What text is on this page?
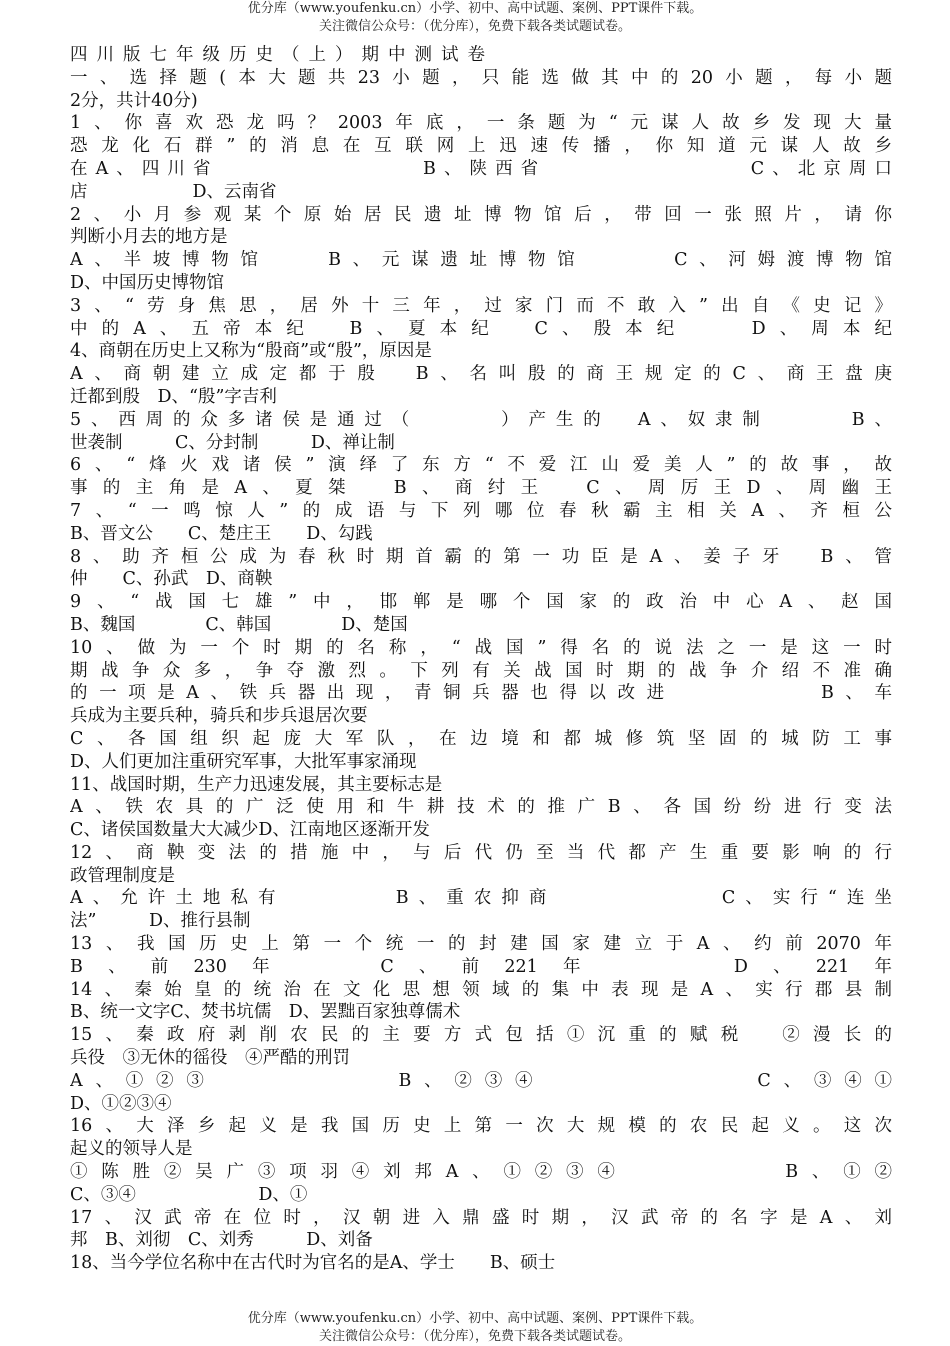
优分库（www.youfenku.cn）小学、初中、高中试题、案例、PPT课件下载。
关注微信公众号：（优分库），免费下载各类试题试卷。
四川版七年级历史（上）期中测试卷
一、选择题(本大题共23小题，只能选做其中的20小题，每小题
2分，共计40分)
1、你喜欢恐龙吗？2003年底，一条题为“元谋人故乡发现大量
恐龙化石群”的消息在互联网上迅速传播，你知道元谋人故乡
在A、四川省　　　　　　　　B、陕西省　　　　　　　　C、北京周口
店　　　　　　D、云南省
2、小月参观某个原始居民遗址博物馆后，带回一张照片，请你
判断小月去的地方是
A、半坡博物馆　　B、元谋遗址博物馆　　　C、河姆渡博物馆
D、中国历史博物馆
3、“劳身焦思，居外十三年，过家门而不敢入”出自《史记》
中的A、五帝本纪　B、夏本纪　C、殷本纪　　D、周本纪
4、商朝在历史上又称为“殷商”或“殷”，原因是
A、商朝建立成定都于殷　B、名叫殷的商王规定的C、商王盘庚
迁都到殷　D、“殷”字吉利
5、西周的众多诸侯是通过（　　　）产生的　A、奴隶制　　　B、
世袭制　　　C、分封制　　　D、禅让制
6、“烽火戏诸侯”演绎了东方“不爱江山爱美人”的故事，故
事的主角是A、夏桀　B、商纣王　C、周厉王D、周幽王
7、“一鸣惊人”的成语与下列哪位春秋霸主相关A、齐桓公
B、晋文公　　C、楚庄王　　D、勾践
8、助齐桓公成为春秋时期首霸的第一功臣是A、姜子牙　B、管
仲　　C、孙武　D、商鞅
9、“战国七雄”中，邯郸是哪个国家的政治中心A、赵国
B、魏国　　　　C、韩国　　　　D、楚国
10、做为一个时期的名称，“战国”得名的说法之一是这一时
期战争众多，争夺激烈。下列有关战国时期的战争介绍不准确
的一项是A、铁兵器出现，青铜兵器也得以改进　　　　　B、车
兵成为主要兵种，骑兵和步兵退居次要
C、各国组织起庞大军队，在边境和都城修筑坚固的城防工事
D、人们更加注重研究军事，大批军事家涌现
11、战国时期，生产力迅速发展，其主要标志是
A、铁农具的广泛使用和牛耕技术的推广B、各国纷纷进行变法
C、诸侯国数量大大减少D、江南地区逐渐开发
12、商鞅变法的措施中，与后代仍至当代都产生重要影响的行
政管理制度是
A、允许土地私有　　　　B、重农抑商　　　　　　C、实行“连坐
法”　　　D、推行县制
13、我国历史上第一个统一的封建国家建立于A、约前2070年
B、前230年　　C、前221年　　　D、221年
14、秦始皇的统治在文化思想领域的集中表现是A、实行郡县制
B、统一文字C、焚书坑儒　D、罢黜百家独尊儒术
15、秦政府剥削农民的主要方式包括①沉重的赋税　②漫长的
兵役　③无休的徭役　④严酷的刑罚
A、①②③　　　　　　B、②③④　　　　　　　C、③④①
D、①②③④
16、大泽乡起义是我国历史上第一次大规模的农民起义。这次
起义的领导人是
①陈胜②吴广③项羽④刘邦A、①②③④　　　　　B、①②
C、③④　　　　　　　D、①
17、汉武帝在位时，汉朝进入鼎盛时期，汉武帝的名字是A、刘
邦　B、刘彻　C、刘秀　　　D、刘备
18、当今学位名称中在古代时为官名的是A、学士　　B、硕士
优分库（www.youfenku.cn）小学、初中、高中试题、案例、PPT课件下载。
关注微信公众号：（优分库），免费下载各类试题试卷。
